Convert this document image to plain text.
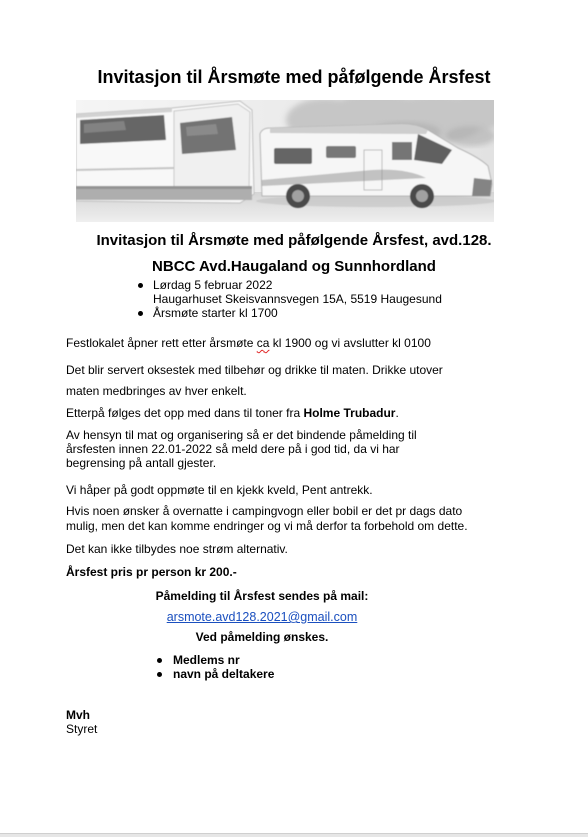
Invitasjon til Årsmøte med påfølgende Årsfest
Invitasjon til Årsmøte med påfølgende Årsfest, avd.128.
NBCC Avd.Haugaland og Sunnhordland
Lørdag 5 februar 2022
Haugarhuset Skeisvannsvegen 15A, 5519 Haugesund
Årsmøte starter kl 1700
Festlokalet åpner rett etter årsmøte ca kl 1900 og vi avslutter kl 0100
Det blir servert oksestek med tilbehør og drikke til maten. Drikke utover
maten medbringes av hver enkelt.
Etterpå følges det opp med dans til toner fra Holme Trubadur.
Av hensyn til mat og organisering så er det bindende påmelding til
årsfesten innen 22.01-2022 så meld dere på i god tid, da vi har
begrensing på antall gjester.
Vi håper på godt oppmøte til en kjekk kveld, Pent antrekk.
Hvis noen ønsker å overnatte i campingvogn eller bobil er det pr dags dato
mulig, men det kan komme endringer og vi må derfor ta forbehold om dette.
Det kan ikke tilbydes noe strøm alternativ.
Årsfest pris pr person kr 200.-
Påmelding til Årsfest sendes på mail:
arsmote.avd128.2021@gmail.com
Ved påmelding ønskes.
Medlems nr
navn på deltakere
Mvh
Styret
